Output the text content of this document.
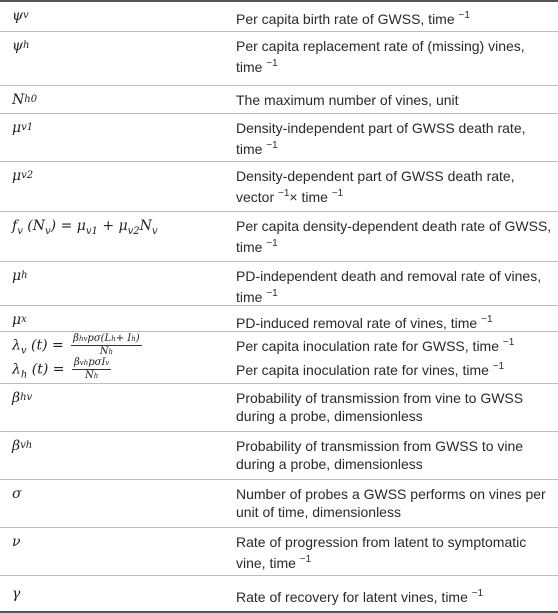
ψ v	Per capita birth rate of GWSS, time $^{-1}$
ψ h	Per capita replacement rate of (missing) vines, time $^{-1}$
N h0	The maximum number of vines, unit
μ v1	Density-independent part of GWSS death rate, time $^{-1}$
μ v2	Density-dependent part of GWSS death rate,
vector $^{-1}$× time $^{-1}$
$f_v$ $(N_v) = \mu_{v1} + \mu_{v2}N_v$	Per capita density-dependent death rate of GWSS, time $^{-1}$
μ h	PD-independent death and removal rate of vines, time $^{-1}$
μ x	PD-induced removal rate of vines, time $^{-1}$
$\lambda_v$ $(t) = \frac{\text{βhvpσ(Lh+ Ih)}}{Nh}$	Per capita inoculation rate for GWSS, time $^{-1}$
$\lambda_h$ $(t) = \frac{\text{βvhpσIv}}{Nh}$	Per capita inoculation rate for vines, time $^{-1}$
β hv	Probability of transmission from vine to GWSS during a probe, dimensionless
β vh	Probability of transmission from GWSS to vine during a probe, dimensionless
σ	Number of probes a GWSS performs on vines per unit of time, dimensionless
ν	Rate of progression from latent to symptomatic vine, time $^{-1}$
γ	Rate of recovery for latent vines, time $^{-1}$
